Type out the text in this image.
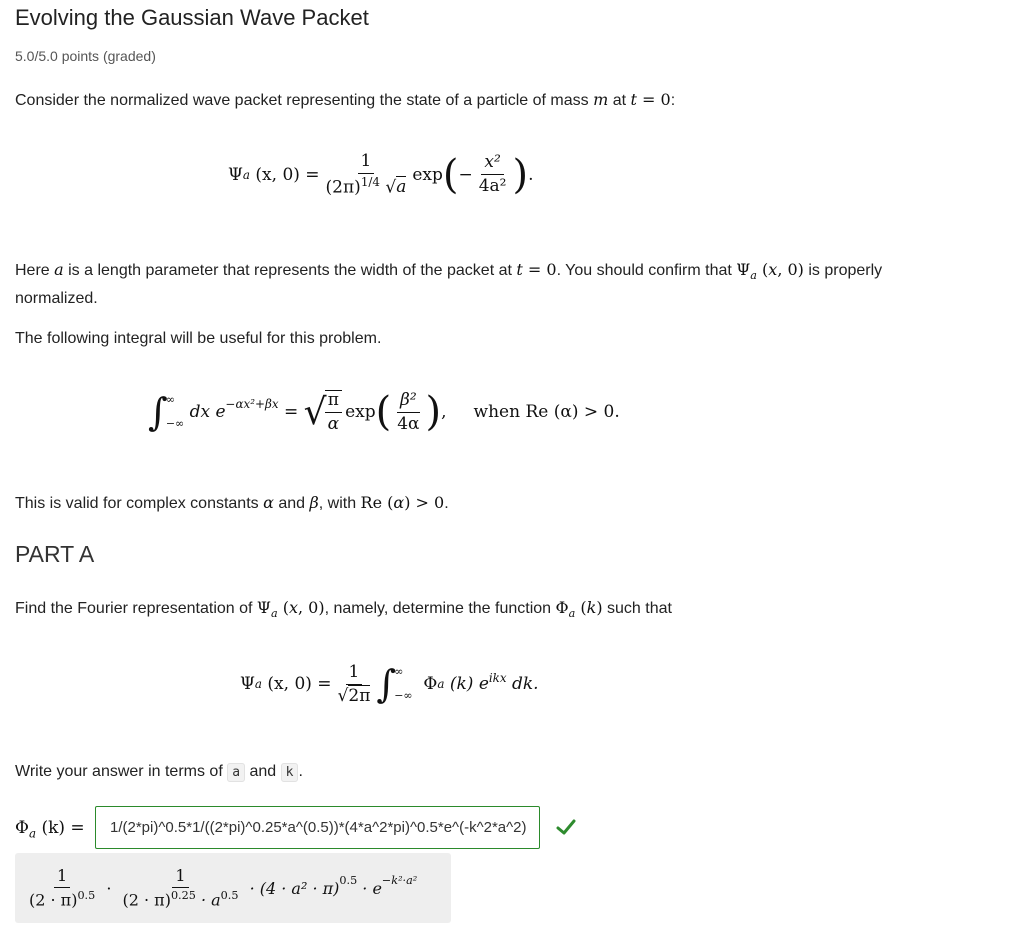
Evolving the Gaussian Wave Packet
5.0/5.0 points (graded)
Consider the normalized wave packet representing the state of a particle of mass m at t = 0:
Ψ a
(x, $0) = \frac{1}{(2\pi)^{1/4} √a}$ exp ( − $\frac{\text{x²}}{\text{4a²}}$ ) .
Here a is a length parameter that represents the width of the packet at t = 0. You should confirm that $\Psi_a$ (x, 0) is properly
normalized.
The following integral will be useful for this problem.
∫
∞
−∞

dx $e^{-\alpha x^2+\beta x}$ = √
$\frac{\pi}{\alpha}$ exp ( $\frac{\text{β²}}{4\alpha}$ ) , when Re (α) > 0.
This is valid for complex constants α and β, with Re (α) > 0.
PART A
Find the Fourier representation of $\Psi_a$ (x, 0), namely, determine the function $\Phi_a$ (k) such that
Ψ a
(x, $0) = \frac{1}{√2\pi}$ ∫
∞
−∞

Φ a
(k) $e^{ikx}$
dk.
Write your answer in terms of a and k .
$\Phi_a$ (k) =	1/(2*pi)^0.5*1/((2*pi)^0.25*a^(0.5))*(4*a^2*pi)^0.5*e^(-k^2*a^2)
$\frac{1}{(2 \cdot \pi)^{0.5}} \cdot \frac{1}{(2 \cdot \pi)^{0.25} \cdot a^{0.5}}$
· $(4 \cdot a^2 \cdot \pi)^{0.5}$
· $e^{-k^2\cdot a^2}$
